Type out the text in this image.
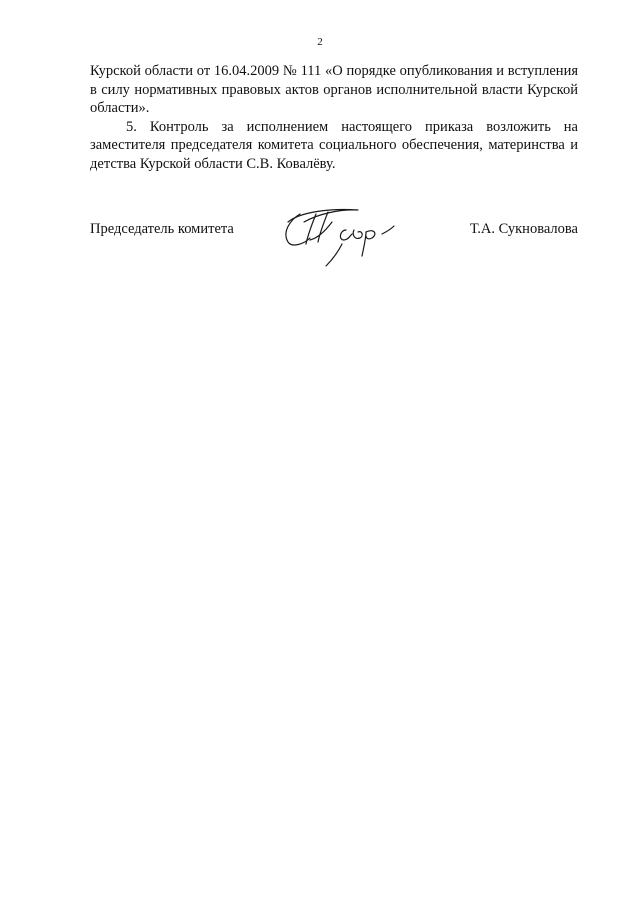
2

Курской области от 16.04.2009 № 111 «О порядке опубликования и вступления в силу нормативных правовых актов органов исполнительной власти Курской области».

5. Контроль за исполнением настоящего приказа возложить на заместителя председателя комитета социального обеспечения, материнства и детства Курской области С.В. Ковалёву.

Председатель комитета	Т.А. Сукновалова
